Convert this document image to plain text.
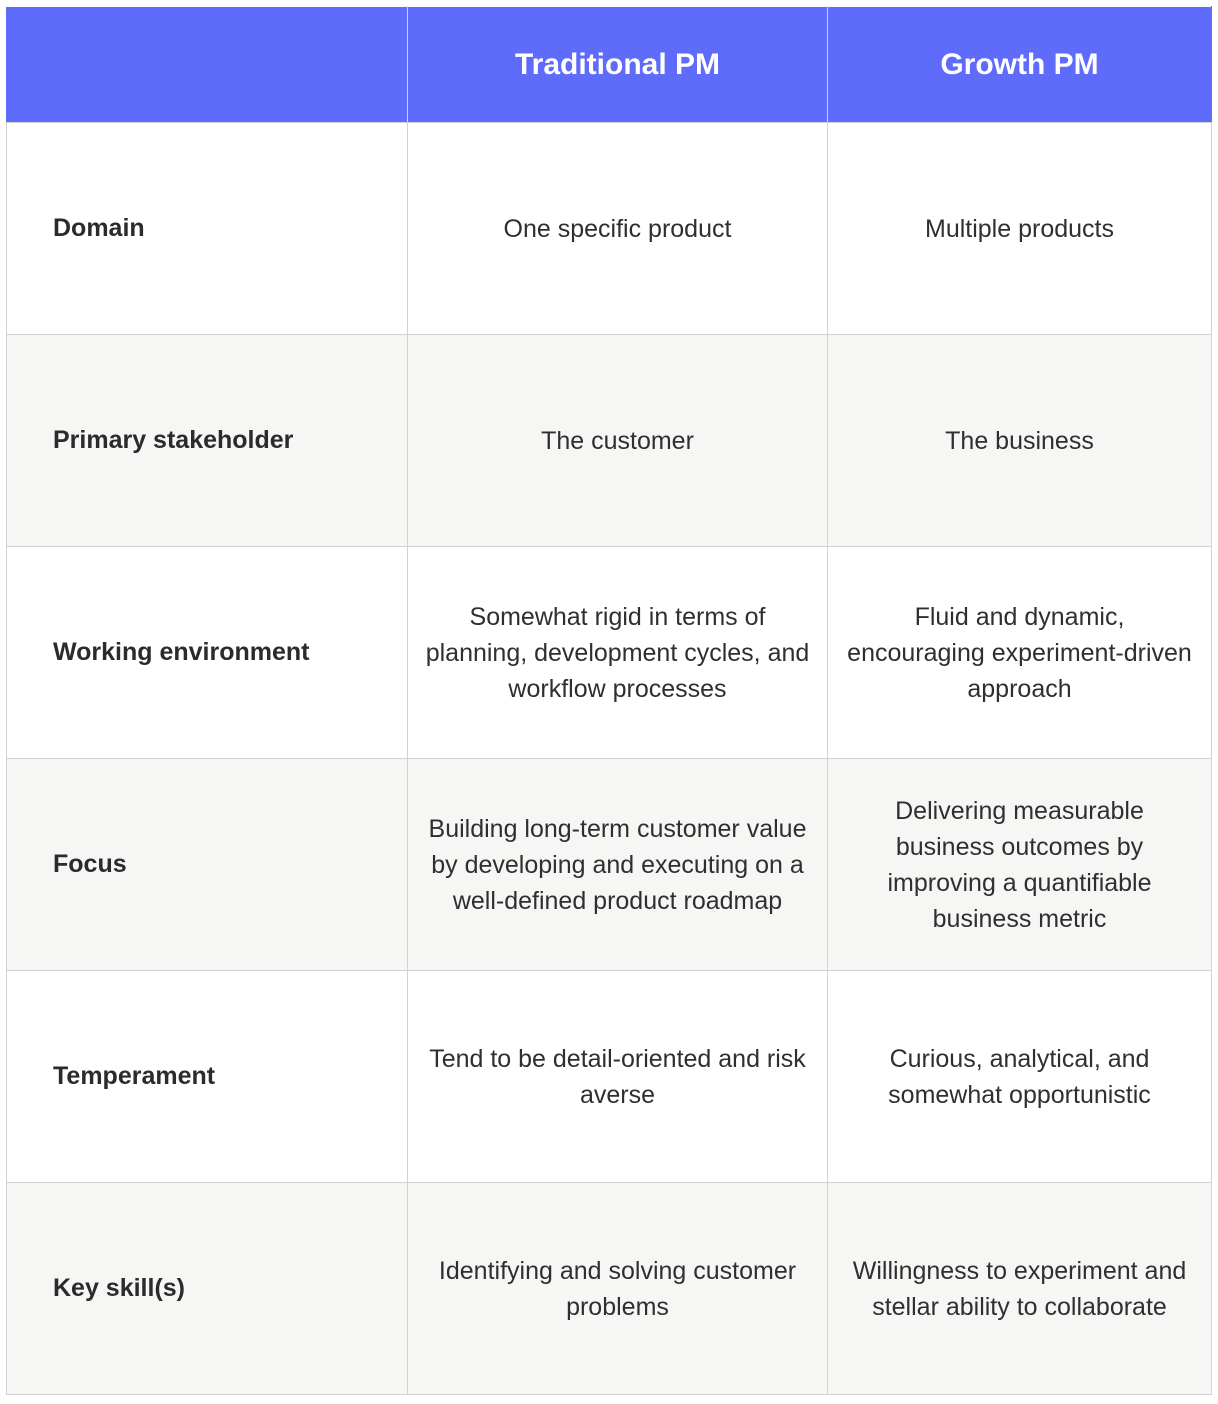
	Traditional PM	Growth PM
Domain	One specific product	Multiple products
Primary stakeholder	The customer	The business
Working environment	Somewhat rigid in terms of planning, development cycles, and workflow processes	Fluid and dynamic, encouraging experiment-driven approach
Focus	Building long-term customer value by developing and executing on a well-defined product roadmap	Delivering measurable business outcomes by improving a quantifiable business metric
Temperament	Tend to be detail-oriented and risk averse	Curious, analytical, and somewhat opportunistic
Key skill(s)	Identifying and solving customer problems	Willingness to experiment and stellar ability to collaborate
